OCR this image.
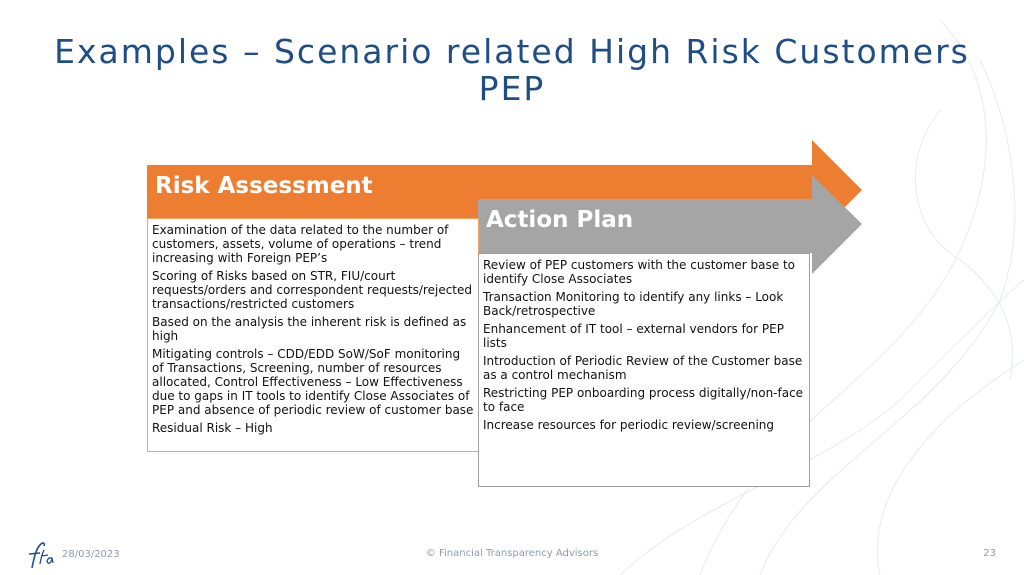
Examples – Scenario related High Risk Customers
PEP
Risk Assessment
Action Plan

Examination of the data related to the number of customers, assets, volume of operations – trend increasing with Foreign PEP’s

Scoring of Risks based on STR, FIU/court requests/orders and correspondent requests/rejected transactions/restricted customers

Based on the analysis the inherent risk is defined as high

Mitigating controls – CDD/EDD SoW/SoF monitoring of Transactions, Screening, number of resources allocated, Control Effectiveness – Low Effectiveness due to gaps in IT tools to identify Close Associates of PEP and absence of periodic review of customer base

Residual Risk – High

Review of PEP customers with the customer base to identify Close Associates

Transaction Monitoring to identify any links – Look Back/retrospective

Enhancement of IT tool – external vendors for PEP lists

Introduction of Periodic Review of the Customer base as a control mechanism

Restricting PEP onboarding process digitally/non-face to face

Increase resources for periodic review/screening

28/03/2023	© Financial Transparency Advisors	23
